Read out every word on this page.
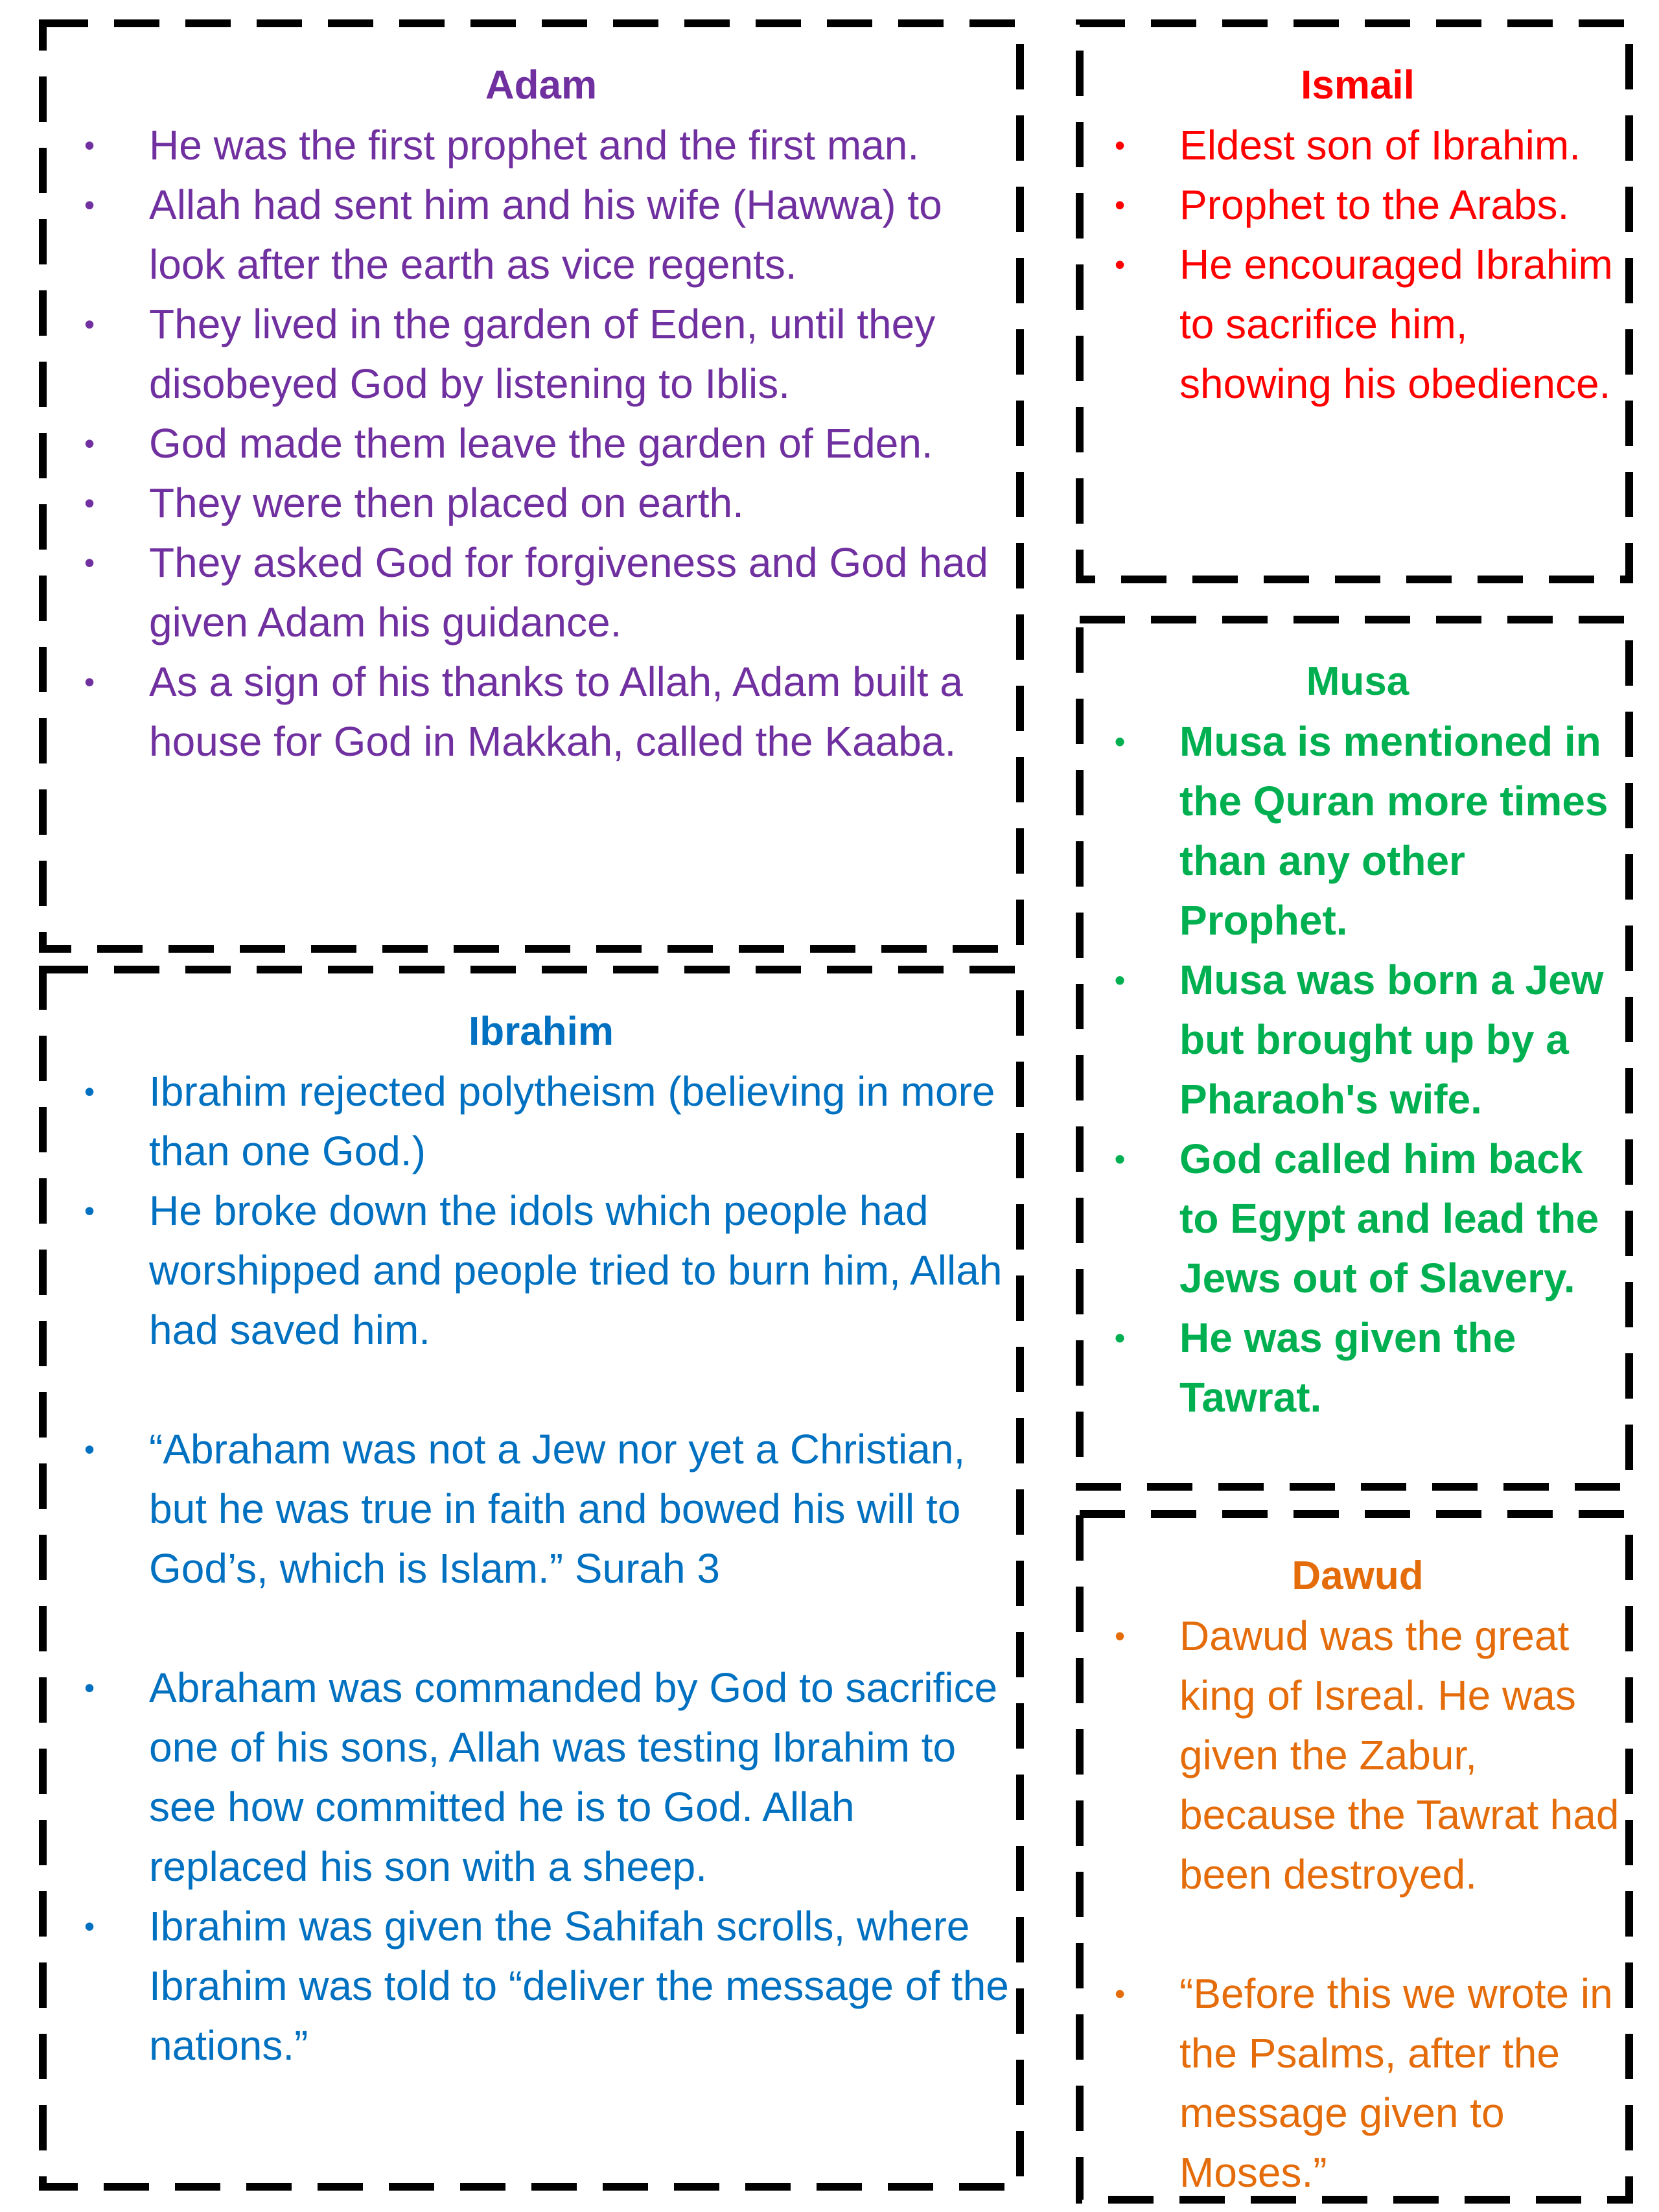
Adam
• He was the first prophet and the first man.
• Allah had sent him and his wife (Hawwa) to look after the earth as vice regents.
• They lived in the garden of Eden, until they disobeyed God by listening to Iblis.
• God made them leave the garden of Eden.
• They were then placed on earth.
• They asked God for forgiveness and God had given Adam his guidance.
• As a sign of his thanks to Allah, Adam built a house for God in Makkah, called the Kaaba.
Ibrahim
• Ibrahim rejected polytheism (believing in more than one God.)
• He broke down the idols which people had worshipped and people tried to burn him, Allah had saved him.
• “Abraham was not a Jew nor yet a Christian, but he was true in faith and bowed his will to God’s, which is Islam.” Surah 3
• Abraham was commanded by God to sacrifice one of his sons, Allah was testing Ibrahim to see how committed he is to God. Allah replaced his son with a sheep.
• Ibrahim was given the Sahifah scrolls, where Ibrahim was told to “deliver the message of the nations.”
Ismail
• Eldest son of Ibrahim.
• Prophet to the Arabs.
• He encouraged Ibrahim to sacrifice him, showing his obedience.
Musa
• Musa is mentioned in the Quran more times than any other Prophet.
• Musa was born a Jew but brought up by a Pharaoh's wife.
• God called him back to Egypt and lead the Jews out of Slavery.
• He was given the Tawrat.
Dawud
• Dawud was the great king of Isreal. He was given the Zabur, because the Tawrat had been destroyed.
• “Before this we wrote in the Psalms, after the message given to Moses.”
